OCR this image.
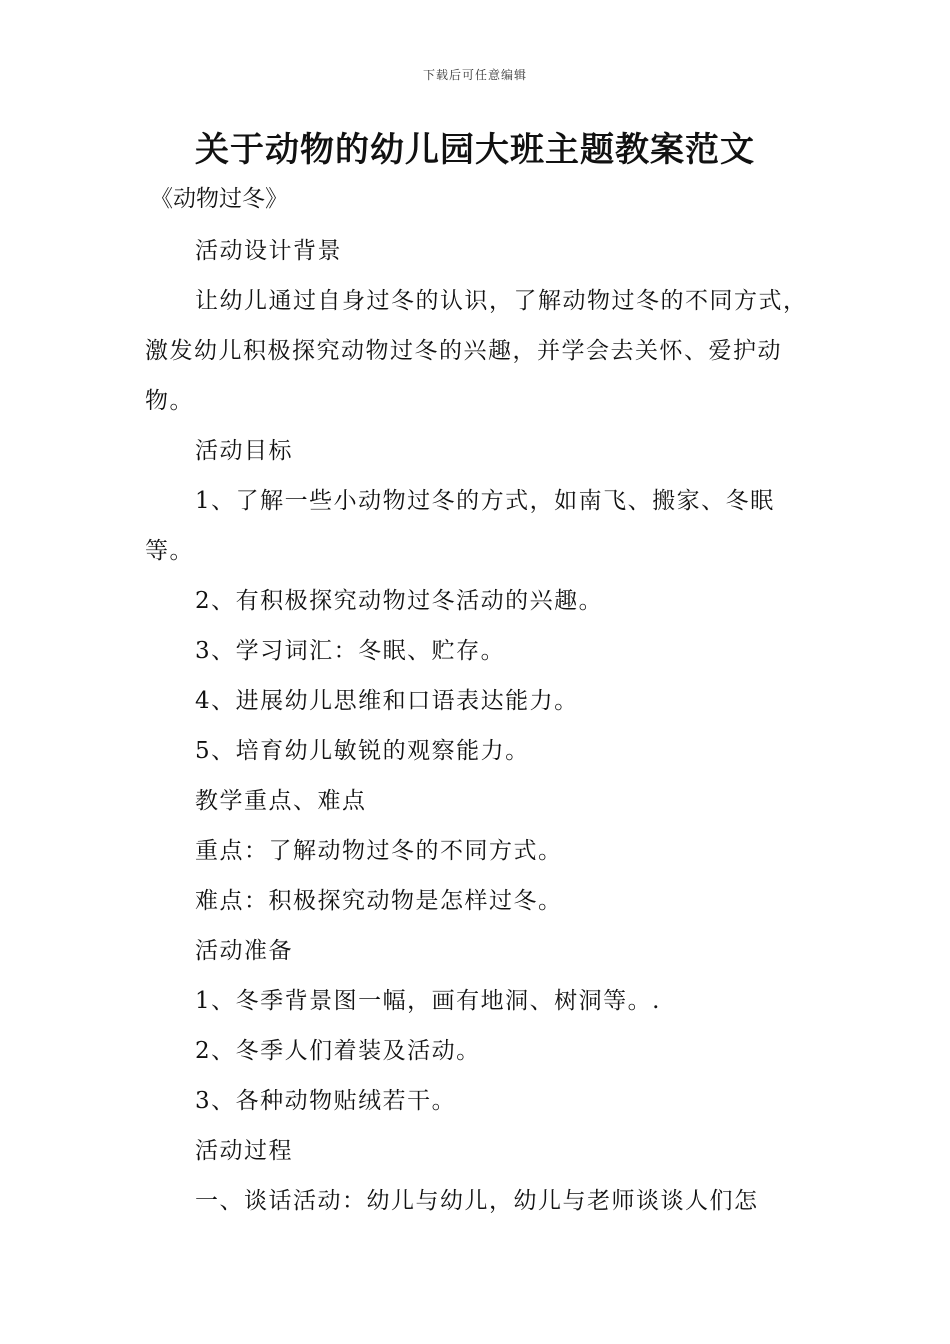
下载后可任意编辑
关于动物的幼儿园大班主题教案范文
《动物过冬》

活动设计背景

让幼儿通过自身过冬的认识，了解动物过冬的不同方式，激发幼儿积极探究动物过冬的兴趣，并学会去关怀、爱护动物。

活动目标

1、了解一些小动物过冬的方式，如南飞、搬家、冬眠等。

2、有积极探究动物过冬活动的兴趣。

3、学习词汇：冬眠、贮存。

4、进展幼儿思维和口语表达能力。

5、培育幼儿敏锐的观察能力。

教学重点、难点

重点：了解动物过冬的不同方式。

难点：积极探究动物是怎样过冬。

活动准备

1、冬季背景图一幅，画有地洞、树洞等。.

2、冬季人们着装及活动。

3、各种动物贴绒若干。

活动过程

一、谈话活动：幼儿与幼儿，幼儿与老师谈谈人们怎
